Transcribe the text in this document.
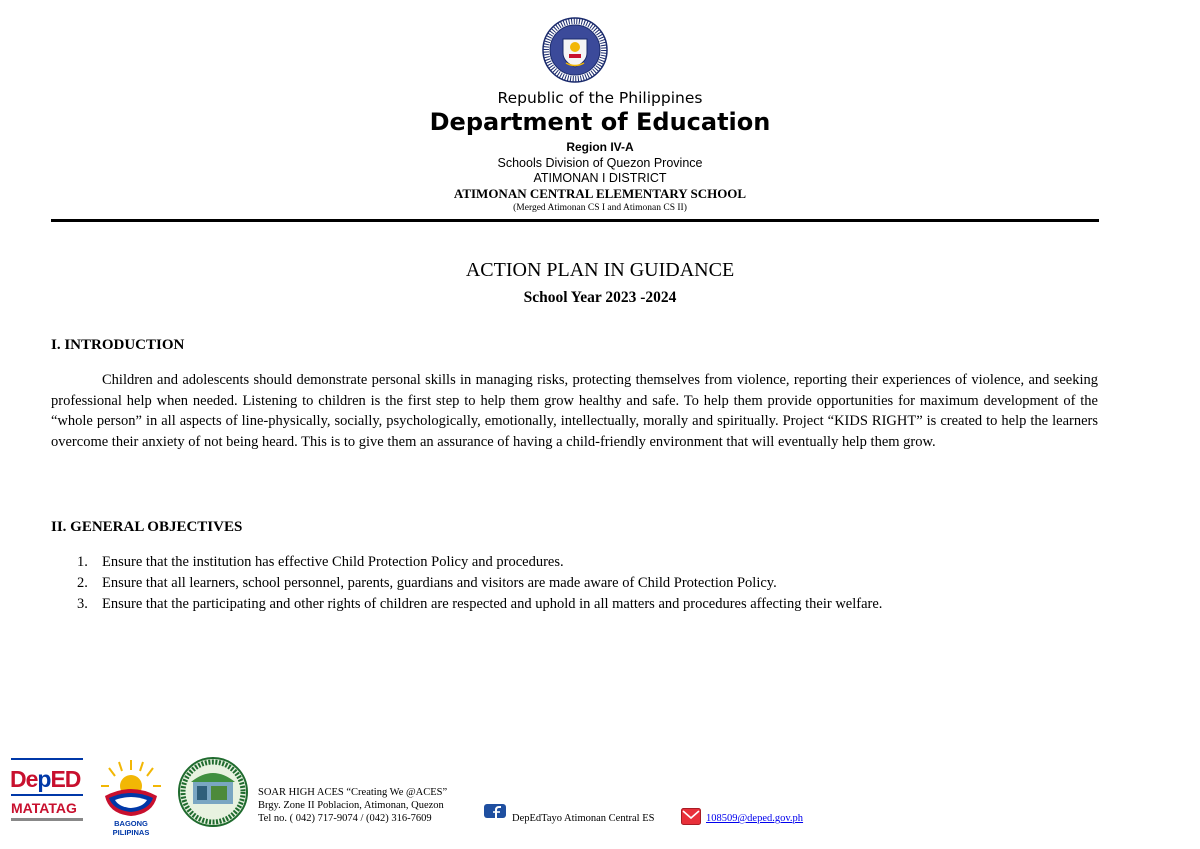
Republic of the Philippines
Department of Education
Region IV-A
Schools Division of Quezon Province
ATIMONAN I DISTRICT
ATIMONAN CENTRAL ELEMENTARY SCHOOL
(Merged Atimonan CS I and Atimonan CS II)
ACTION PLAN IN GUIDANCE
School Year 2023 -2024
I. INTRODUCTION

Children and adolescents should demonstrate personal skills in managing risks, protecting themselves from violence, reporting their experiences of violence, and seeking professional help when needed. Listening to children is the first step to help them grow healthy and safe. To help them provide opportunities for maximum development of the “whole person” in all aspects of line-physically, socially, psychologically, emotionally, intellectually, morally and spiritually. Project “KIDS RIGHT” is created to help the learners overcome their anxiety of not being heard. This is to give them an assurance of having a child-friendly environment that will eventually help them grow.

II. GENERAL OBJECTIVES
1. Ensure that the institution has effective Child Protection Policy and procedures.
2. Ensure that all learners, school personnel, parents, guardians and visitors are made aware of Child Protection Policy.
3. Ensure that the participating and other rights of children are respected and uphold in all matters and procedures affecting their welfare.
DepED
MATATAG
BAGONG PILIPINAS
SOAR HIGH ACES “Creating We @ACES”
Brgy. Zone II Poblacion, Atimonan, Quezon
Tel no. ( 042) 717-9074 / (042) 316-7609	DepEdTayo Atimonan Central ES	108509@deped.gov.ph
